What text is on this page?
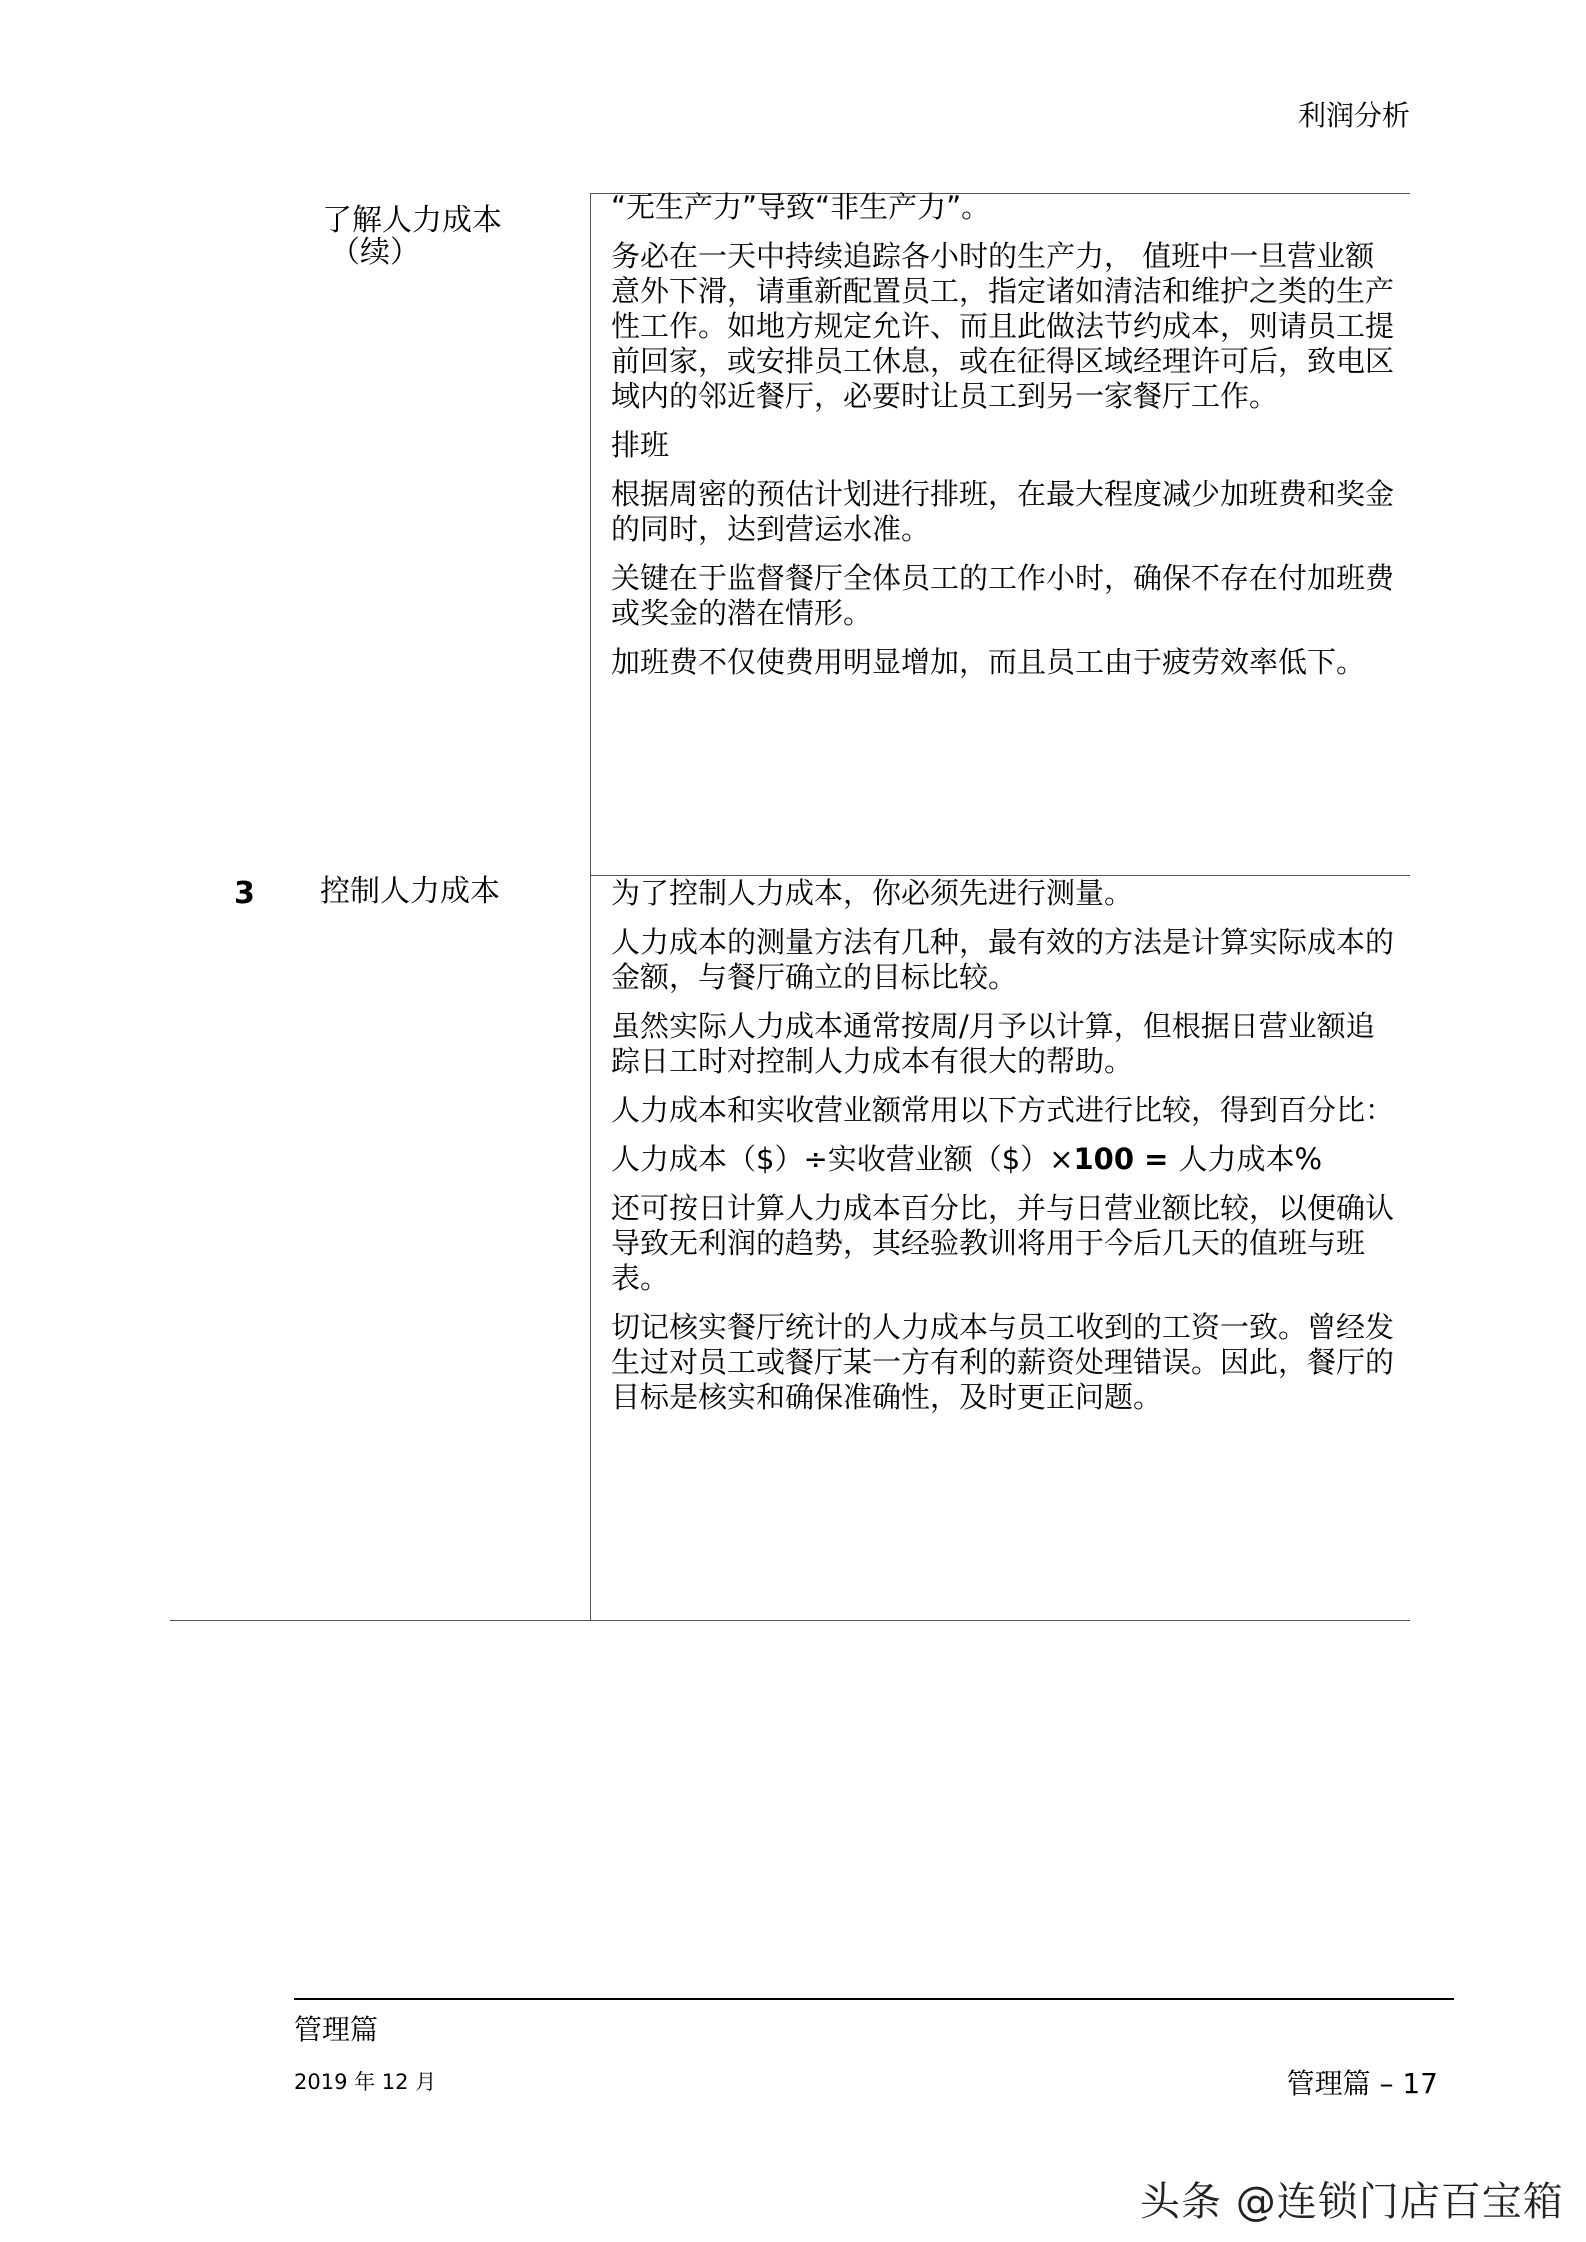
利润分析
了解人力成本
（续）

“无生产力”导致“非生产力”。

务必在一天中持续追踪各小时的生产力， 值班中一旦营业额意外下滑，请重新配置员工，指定诸如清洁和维护之类的生产性工作。如地方规定允许、而且此做法节约成本，则请员工提前回家，或安排员工休息，或在征得区域经理许可后，致电区域内的邻近餐厅，必要时让员工到另一家餐厅工作。

排班

根据周密的预估计划进行排班，在最大程度减少加班费和奖金的同时，达到营运水准。

关键在于监督餐厅全体员工的工作小时，确保不存在付加班费或奖金的潜在情形。

加班费不仅使费用明显增加，而且员工由于疲劳效率低下。

3 控制人力成本	为了控制人力成本，你必须先进行测量。

人力成本的测量方法有几种，最有效的方法是计算实际成本的金额，与餐厅确立的目标比较。

虽然实际人力成本通常按周/月予以计算，但根据日营业额追踪日工时对控制人力成本有很大的帮助。

人力成本和实收营业额常用以下方式进行比较，得到百分比：

人力成本（$）÷实收营业额（$）×100 = 人力成本%

还可按日计算人力成本百分比，并与日营业额比较，以便确认导致无利润的趋势，其经验教训将用于今后几天的值班与班表。

切记核实餐厅统计的人力成本与员工收到的工资一致。曾经发生过对员工或餐厅某一方有利的薪资处理错误。因此，餐厅的目标是核实和确保准确性，及时更正问题。

管理篇
2019 年 12 月	管理篇 – 17
头条 @连锁门店百宝箱
